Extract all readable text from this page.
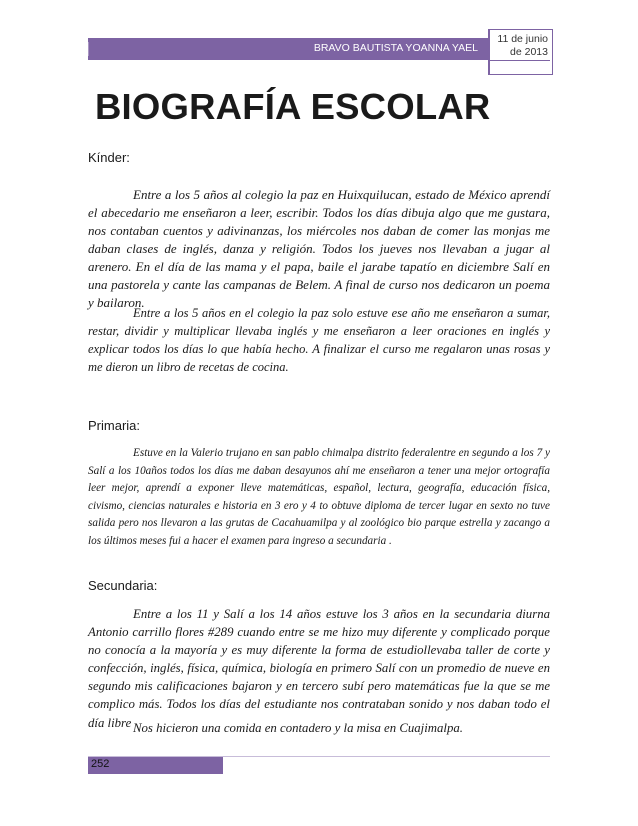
BRAVO BAUTISTA YOANNA YAEL
11 de junio
de 2013
BIOGRAFÍA ESCOLAR
Kínder:

Entre a los 5 años al colegio la paz en Huixquilucan, estado de México aprendí el abecedario me enseñaron a leer, escribir. Todos los días dibuja algo que me gustara, nos contaban cuentos y adivinanzas, los miércoles nos daban de comer las monjas me daban clases de inglés, danza y religión. Todos los jueves nos llevaban a jugar al arenero. En el día de las mama y el papa, baile el jarabe tapatío en diciembre Salí en una pastorela y cante las campanas de Belem. A final de curso nos dedicaron un poema y bailaron.

Entre a los 5 años en el colegio la paz solo estuve ese año me enseñaron a sumar, restar, dividir y multiplicar llevaba inglés y me enseñaron a leer oraciones en inglés y explicar todos los días lo que había hecho. A finalizar el curso me regalaron unas rosas y me dieron un libro de recetas de cocina.

Primaria:

Estuve en la Valerio trujano en san pablo chimalpa distrito federalentre en segundo a los 7 y Salí a los 10años todos los días me daban desayunos ahí me enseñaron a tener una mejor ortografía leer mejor, aprendí a exponer lleve matemáticas, español, lectura, geografía, educación física, civismo, ciencias naturales e historia en 3 ero y 4 to obtuve diploma de tercer lugar en sexto no tuve salida pero nos llevaron a las grutas de Cacahuamilpa y al zoológico bio parque estrella y zacango a los últimos meses fui a hacer el examen para ingreso a secundaria .

Secundaria:

Entre a los 11 y Salí a los 14 años estuve los 3 años en la secundaria diurna Antonio carrillo flores #289 cuando entre se me hizo muy diferente y complicado porque no conocía a la mayoría y es muy diferente la forma de estudiollevaba taller de corte y confección, inglés, física, química, biología en primero Salí con un promedio de nueve en segundo mis calificaciones bajaron y en tercero subí pero matemáticas fue la que se me complico más. Todos los días del estudiante nos contrataban sonido y nos daban todo el día libre Nos hicieron una comida en contadero y la misa en Cuajimalpa.

252
